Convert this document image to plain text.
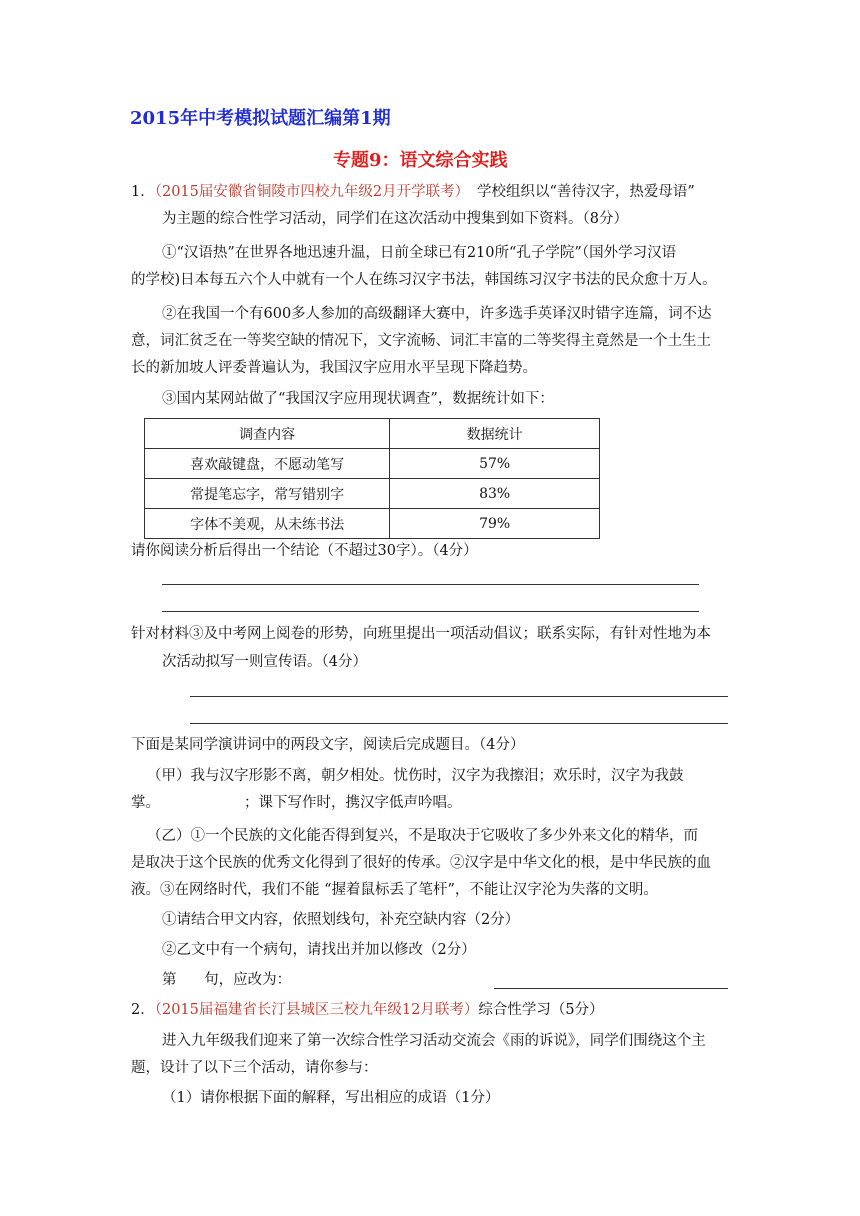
2015年中考模拟试题汇编第1期
专题9：语文综合实践
1．（2015届安徽省铜陵市四校九年级2月开学联考） 学校组织以“善待汉字，热爱母语”
为主题的综合性学习活动，同学们在这次活动中搜集到如下资料。（8分）
①“汉语热”在世界各地迅速升温，日前全球已有210所“孔子学院”（国外学习汉语
的学校)日本每五六个人中就有一个人在练习汉字书法，韩国练习汉字书法的民众愈十万人。
②在我国一个有600多人参加的高级翻译大赛中，许多选手英译汉时错字连篇，词不达
意，词汇贫乏在一等奖空缺的情况下，文字流畅、词汇丰富的二等奖得主竟然是一个土生土
长的新加坡人评委普遍认为，我国汉字应用水平呈现下降趋势。
③国内某网站做了“我国汉字应用现状调查”，数据统计如下：
调查内容	数据统计
喜欢敲键盘，不愿动笔写	57%
常提笔忘字，常写错别字	83%
字体不美观，从未练书法	79%
请你阅读分析后得出一个结论（不超过30字）。（4分）
针对材料③及中考网上阅卷的形势，向班里提出一项活动倡议；联系实际，有针对性地为本
次活动拟写一则宣传语。（4分）
下面是某同学演讲词中的两段文字，阅读后完成题目。（4分）
（甲）我与汉字形影不离，朝夕相处。忧伤时，汉字为我擦泪；欢乐时，汉字为我鼓
掌。	；课下写作时，携汉字低声吟唱。
（乙）①一个民族的文化能否得到复兴，不是取决于它吸收了多少外来文化的精华，而
是取决于这个民族的优秀文化得到了很好的传承。②汉字是中华文化的根，是中华民族的血
液。③在网络时代，我们不能 “握着鼠标丢了笔杆”，不能让汉字沦为失落的文明。
①请结合甲文内容，依照划线句，补充空缺内容（2分）
②乙文中有一个病句，请找出并加以修改（2分）
第      句，应改为：
2．（2015届福建省长汀县城区三校九年级12月联考）综合性学习（5分）
进入九年级我们迎来了第一次综合性学习活动交流会《雨的诉说》，同学们围绕这个主
题，设计了以下三个活动，请你参与：
（1）请你根据下面的解释，写出相应的成语（1分）
